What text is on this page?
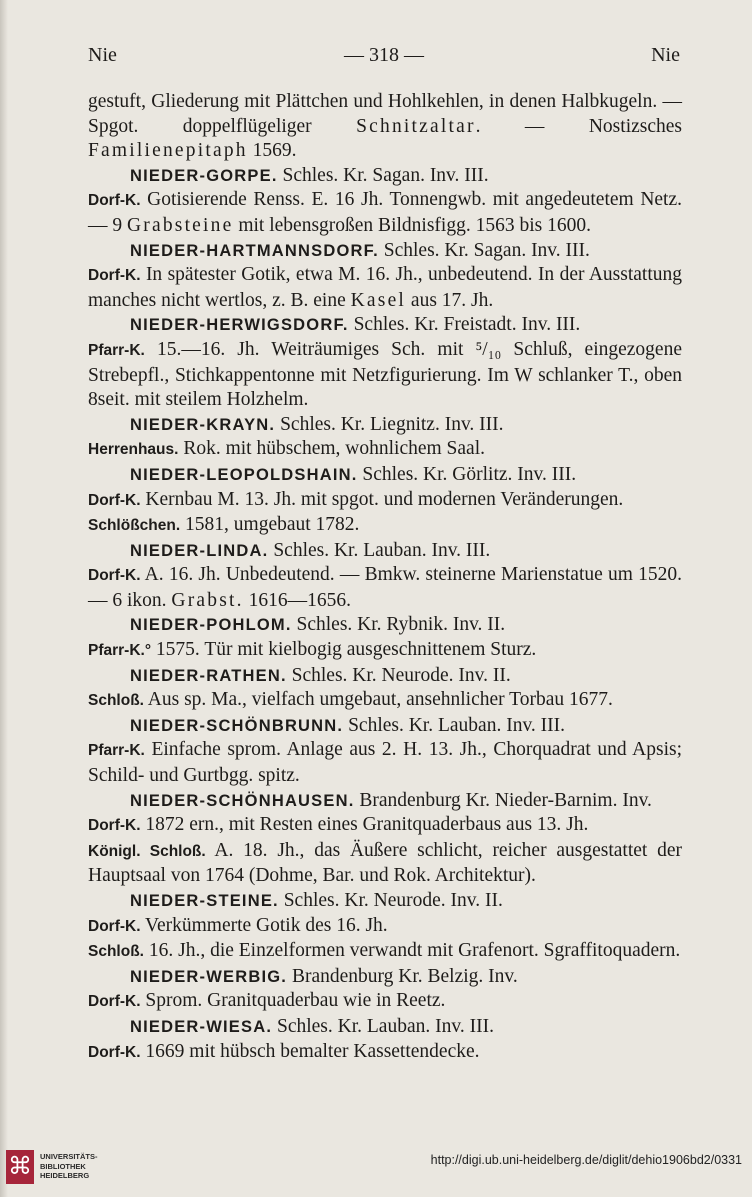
Nie	— 318 —	Nie

gestuft, Gliederung mit Plättchen und Hohlkehlen, in denen Halbkugeln. — Spgot. doppelflügeliger Schnitzaltar. — Nostizsches Familienepitaph 1569.

NIEDER-GORPE. Schles. Kr. Sagan. Inv. III.

Dorf-K. Gotisierende Renss. E. 16 Jh. Tonnengwb. mit angedeutetem Netz. — 9 Grabsteine mit lebensgroßen Bildnisfigg. 1563 bis 1600.

NIEDER-HARTMANNSDORF. Schles. Kr. Sagan. Inv. III.

Dorf-K. In spätester Gotik, etwa M. 16. Jh., unbedeutend. In der Ausstattung manches nicht wertlos, z. B. eine Kasel aus 17. Jh.

NIEDER-HERWIGSDORF. Schles. Kr. Freistadt. Inv. III.

Pfarr-K. 15.—16. Jh. Weiträumiges Sch. mit ⁵/₁₀ Schluß, eingezogene Strebepfl., Stichkappentonne mit Netzfigurierung. Im W schlanker T., oben 8seit. mit steilem Holzhelm.

NIEDER-KRAYN. Schles. Kr. Liegnitz. Inv. III.

Herrenhaus. Rok. mit hübschem, wohnlichem Saal.

NIEDER-LEOPOLDSHAIN. Schles. Kr. Görlitz. Inv. III.

Dorf-K. Kernbau M. 13. Jh. mit spgot. und modernen Veränderungen.

Schlößchen. 1581, umgebaut 1782.

NIEDER-LINDA. Schles. Kr. Lauban. Inv. III.

Dorf-K. A. 16. Jh. Unbedeutend. — Bmkw. steinerne Marienstatue um 1520. — 6 ikon. Grabst. 1616—1656.

NIEDER-POHLOM. Schles. Kr. Rybnik. Inv. II.

Pfarr-K.° 1575. Tür mit kielbogig ausgeschnittenem Sturz.

NIEDER-RATHEN. Schles. Kr. Neurode. Inv. II.

Schloß. Aus sp. Ma., vielfach umgebaut, ansehnlicher Torbau 1677.

NIEDER-SCHÖNBRUNN. Schles. Kr. Lauban. Inv. III.

Pfarr-K. Einfache sprom. Anlage aus 2. H. 13. Jh., Chorquadrat und Apsis; Schild- und Gurtbgg. spitz.

NIEDER-SCHÖNHAUSEN. Brandenburg Kr. Nieder-Barnim. Inv.

Dorf-K. 1872 ern., mit Resten eines Granitquaderbaus aus 13. Jh.

Königl. Schloß. A. 18. Jh., das Äußere schlicht, reicher ausgestattet der Hauptsaal von 1764 (Dohme, Bar. und Rok. Architektur).

NIEDER-STEINE. Schles. Kr. Neurode. Inv. II.

Dorf-K. Verkümmerte Gotik des 16. Jh.

Schloß. 16. Jh., die Einzelformen verwandt mit Grafenort. Sgraffitoquadern.

NIEDER-WERBIG. Brandenburg Kr. Belzig. Inv.

Dorf-K. Sprom. Granitquaderbau wie in Reetz.

NIEDER-WIESA. Schles. Kr. Lauban. Inv. III.

Dorf-K. 1669 mit hübsch bemalter Kassettendecke.

⌘ UNIVERSITÄTS-
BIBLIOTHEK
HEIDELBERG
http://digi.ub.uni-heidelberg.de/diglit/dehio1906bd2/0331
